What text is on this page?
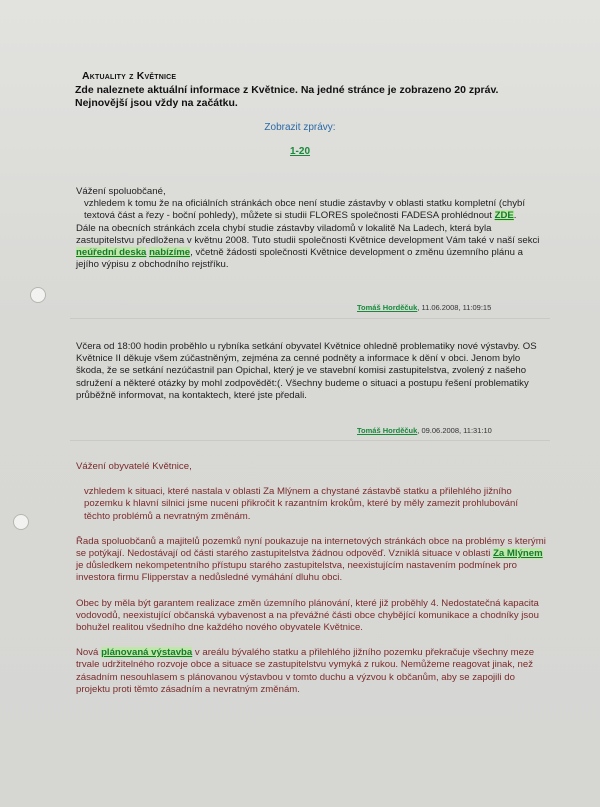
Aktuality z Květnice
Zde naleznete aktuální informace z Květnice. Na jedné stránce je zobrazeno 20 zpráv. Nejnovější jsou vždy na začátku.
Zobrazit zprávy:
1-20

Vážení spoluobčané,

vzhledem k tomu že na oficiálních stránkách obce není studie zástavby v oblasti statku kompletní (chybí textová část a řezy - boční pohledy), můžete si studii FLORES společnosti FADESA prohlédnout ZDE.

Dále na obecních stránkách zcela chybí studie zástavby viladomů v lokalitě Na Ladech, která byla zastupitelstvu předložena v květnu 2008. Tuto studii společnosti Květnice development Vám také v naší sekci neúřední deska nabízíme, včetně žádosti společnosti Květnice development o změnu územního plánu a jejího výpisu z obchodního rejstříku.

Tomáš Horděčuk, 11.06.2008, 11:09:15

Včera od 18:00 hodin proběhlo u rybníka setkání obyvatel Květnice ohledně problematiky nové výstavby. OS Květnice II děkuje všem zúčastněným, zejména za cenné podněty a informace k dění v obci. Jenom bylo škoda, že se setkání nezúčastnil pan Opichal, který je ve stavební komisi zastupitelstva, zvolený z našeho sdružení a některé otázky by mohl zodpovědět:(. Všechny budeme o situaci a postupu řešení problematiky průběžně informovat, na kontaktech, které jste předali.

Tomáš Horděčuk, 09.06.2008, 11:31:10

Vážení obyvatelé Květnice,

vzhledem k situaci, které nastala v oblasti Za Mlýnem a chystané zástavbě statku a přilehlého jižního pozemku k hlavní silnici jsme nuceni přikročit k razantním krokům, které by měly zamezit prohlubování těchto problémů a nevratným změnám.

Řada spoluobčanů a majitelů pozemků nyní poukazuje na internetových stránkách obce na problémy s kterými se potýkají. Nedostávají od části starého zastupitelstva žádnou odpověď. Vzniklá situace v oblasti Za Mlýnem je důsledkem nekompetentního přístupu starého zastupitelstva, neexistujícím nastavením podmínek pro investora firmu Flipperstav a nedůsledné vymáhání dluhu obci.

Obec by měla být garantem realizace změn územního plánování, které již proběhly 4. Nedostatečná kapacita vodovodů, neexistující občanská vybavenost a na převážné části obce chybějící komunikace a chodníky jsou bohužel realitou všedního dne každého nového obyvatele Květnice.

Nová plánovaná výstavba v areálu bývalého statku a přilehlého jižního pozemku překračuje všechny meze trvale udržitelného rozvoje obce a situace se zastupitelstvu vymyká z rukou. Nemůžeme reagovat jinak, než zásadním nesouhlasem s plánovanou výstavbou v tomto duchu a výzvou k občanům, aby se zapojili do projektu proti těmto zásadním a nevratným změnám.
